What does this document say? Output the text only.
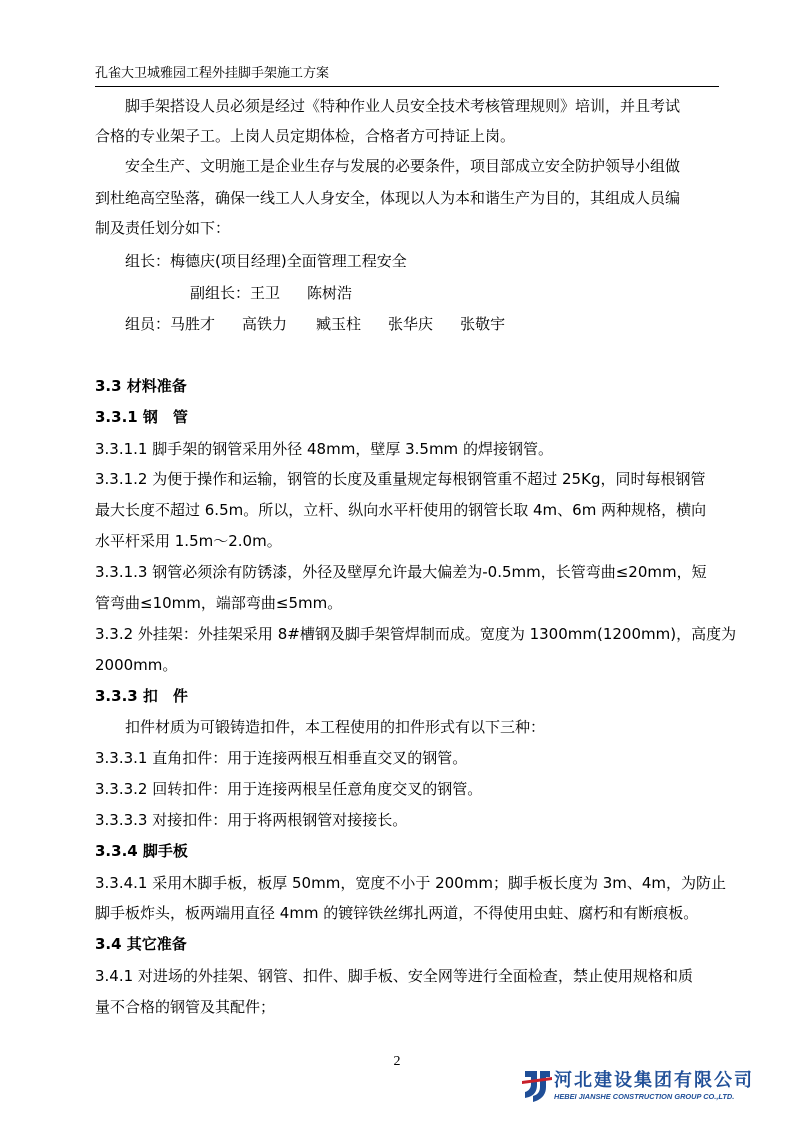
孔雀大卫城雅园工程外挂脚手架施工方案
脚手架搭设人员必须是经过《特种作业人员安全技术考核管理规则》培训，并且考试
合格的专业架子工。上岗人员定期体检，合格者方可持证上岗。
安全生产、文明施工是企业生存与发展的必要条件，项目部成立安全防护领导小组做
到杜绝高空坠落，确保一线工人人身安全，体现以人为本和谐生产为目的，其组成人员编
制及责任划分如下：
组长：梅德庆(项目经理)全面管理工程安全
副组长：王卫 陈树浩
组员：马胜才 高铁力 臧玉柱 张华庆 张敬宇
3.3 材料准备
3.3.1 钢　管
3.3.1.1 脚手架的钢管采用外径 48mm，壁厚 3.5mm 的焊接钢管。
3.3.1.2 为便于操作和运输，钢管的长度及重量规定每根钢管重不超过 25Kg，同时每根钢管
最大长度不超过 6.5m。所以，立杆、纵向水平杆使用的钢管长取 4m、6m 两种规格，横向
水平杆采用 1.5m～2.0m。
3.3.1.3 钢管必须涂有防锈漆，外径及壁厚允许最大偏差为-0.5mm，长管弯曲≤20mm，短
管弯曲≤10mm，端部弯曲≤5mm。
3.3.2 外挂架：外挂架采用 8#槽钢及脚手架管焊制而成。宽度为 1300mm(1200mm)，高度为
2000mm。
3.3.3 扣　件
扣件材质为可锻铸造扣件，本工程使用的扣件形式有以下三种：
3.3.3.1 直角扣件：用于连接两根互相垂直交叉的钢管。
3.3.3.2 回转扣件：用于连接两根呈任意角度交叉的钢管。
3.3.3.3 对接扣件：用于将两根钢管对接接长。
3.3.4 脚手板
3.3.4.1 采用木脚手板，板厚 50mm，宽度不小于 200mm；脚手板长度为 3m、4m，为防止
脚手板炸头，板两端用直径 4mm 的镀锌铁丝绑扎两道，不得使用虫蛀、腐朽和有断痕板。
3.4 其它准备
3.4.1 对进场的外挂架、钢管、扣件、脚手板、安全网等进行全面检查，禁止使用规格和质
量不合格的钢管及其配件；
2
河北建设集团有限公司
HEBEI JIANSHE CONSTRUCTION GROUP CO.,LTD.
